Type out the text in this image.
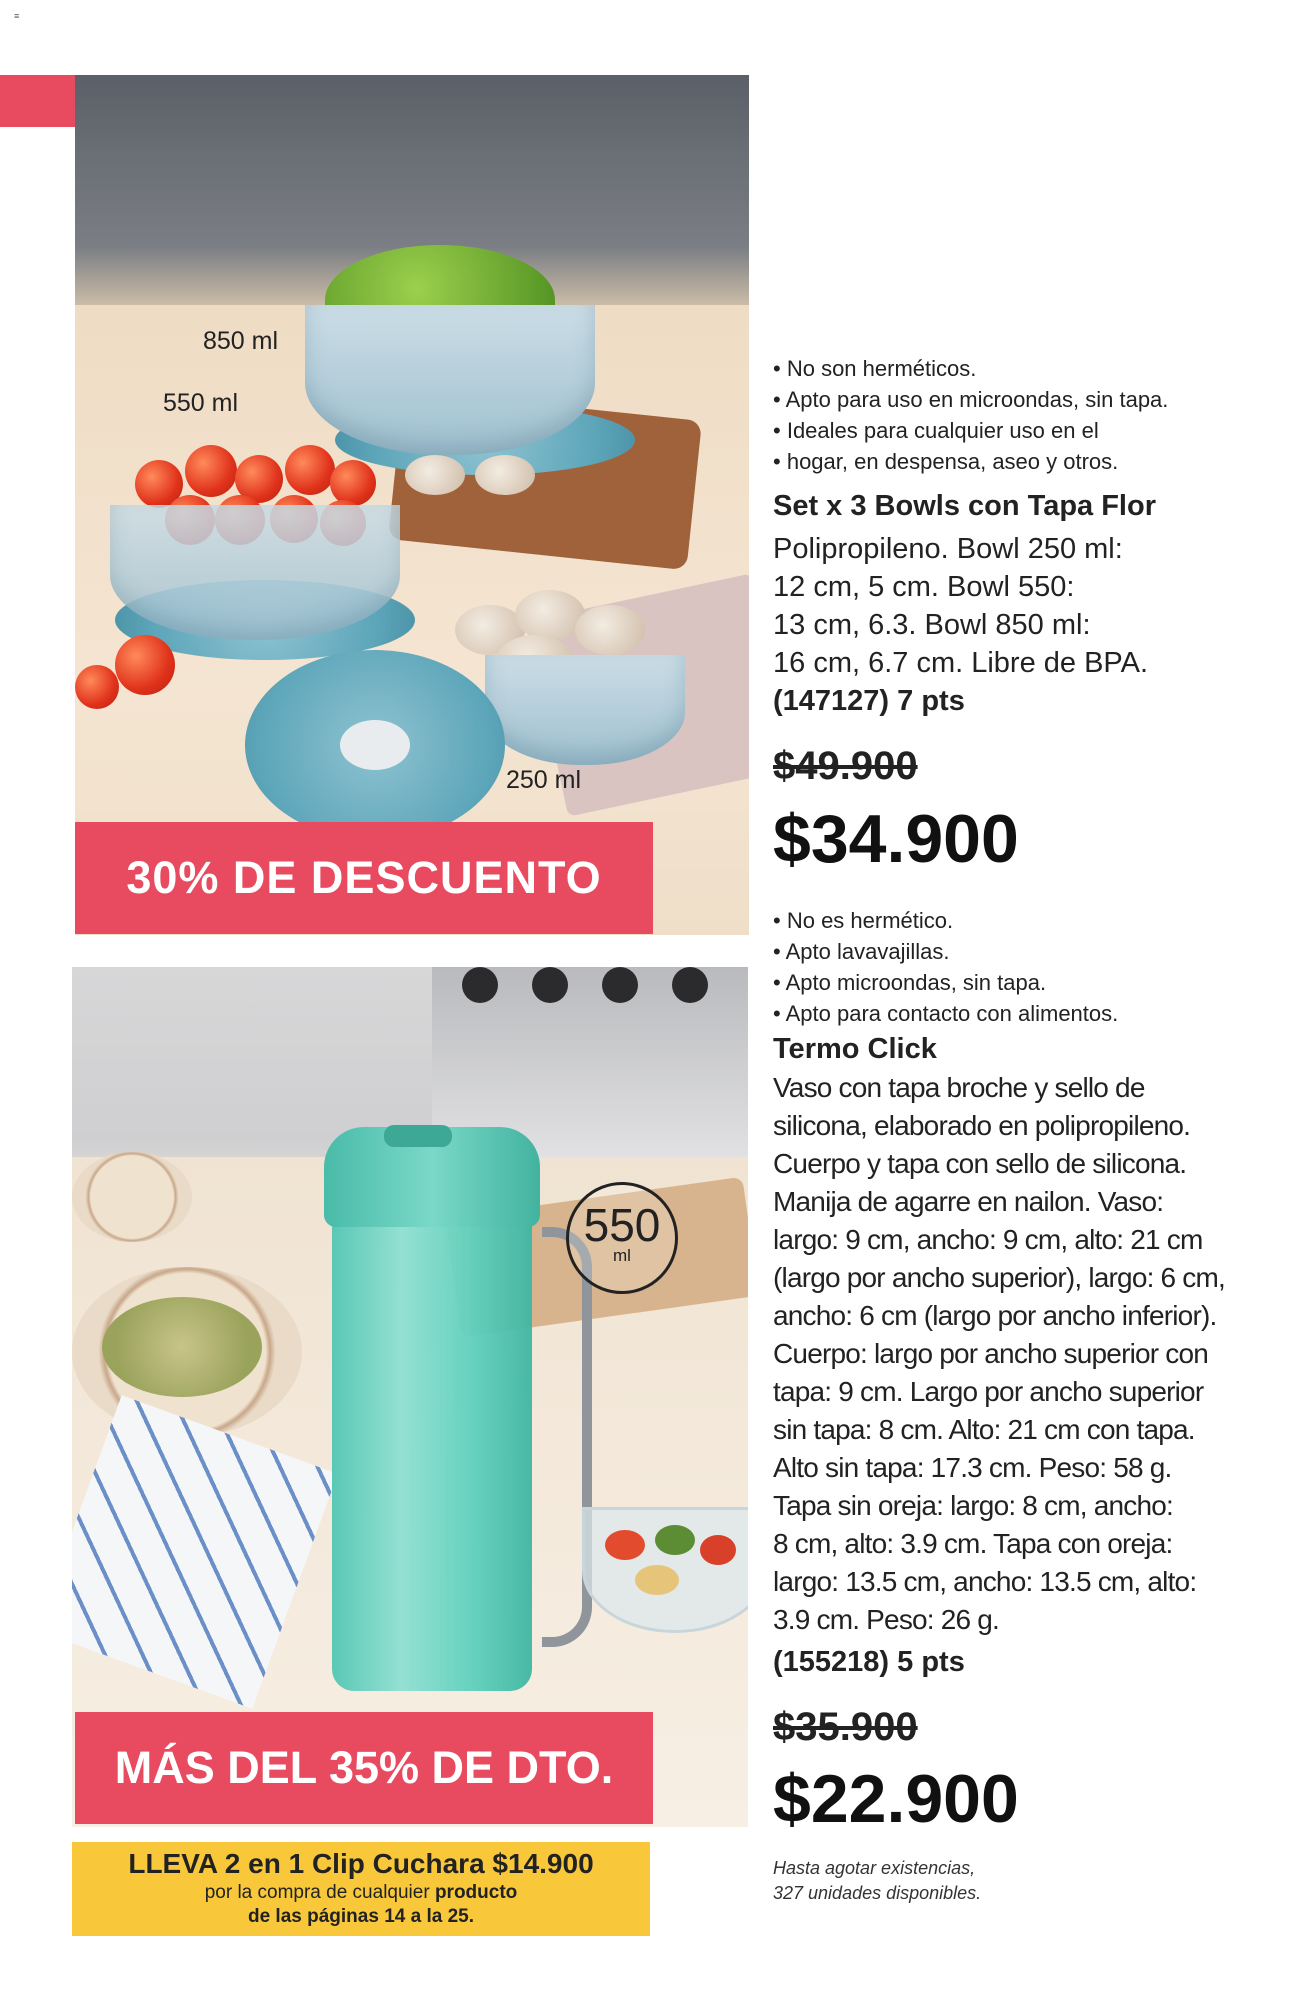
≡
850 ml
550 ml
250 ml
30% DE DESCUENTO
• No son herméticos.
• Apto para uso en microondas, sin tapa.
• Ideales para cualquier uso en el
• hogar, en despensa, aseo y otros.
Set x 3 Bowls con Tapa Flor
Polipropileno. Bowl 250 ml:
12 cm, 5 cm. Bowl 550:
13 cm, 6.3. Bowl 850 ml:
16 cm, 6.7 cm. Libre de BPA.
(147127) 7 pts
$49.900
$34.900
550
ml
MÁS DEL 35% DE DTO.
LLEVA 2 en 1 Clip Cuchara $14.900
por la compra de cualquier producto
de las páginas 14 a la 25.
• No es hermético.
• Apto lavavajillas.
• Apto microondas, sin tapa.
• Apto para contacto con alimentos.
Termo Click
Vaso con tapa broche y sello de
silicona, elaborado en polipropileno.
Cuerpo y tapa con sello de silicona.
Manija de agarre en nailon. Vaso:
largo: 9 cm, ancho: 9 cm, alto: 21 cm
(largo por ancho superior), largo: 6 cm,
ancho: 6 cm (largo por ancho inferior).
Cuerpo: largo por ancho superior con
tapa: 9 cm. Largo por ancho superior
sin tapa: 8 cm. Alto: 21 cm con tapa.
Alto sin tapa: 17.3 cm. Peso: 58 g.
Tapa sin oreja: largo: 8 cm, ancho:
8 cm, alto: 3.9 cm. Tapa con oreja:
largo: 13.5 cm, ancho: 13.5 cm, alto:
3.9 cm. Peso: 26 g.
(155218) 5 pts
$35.900
$22.900
Hasta agotar existencias,
327 unidades disponibles.
